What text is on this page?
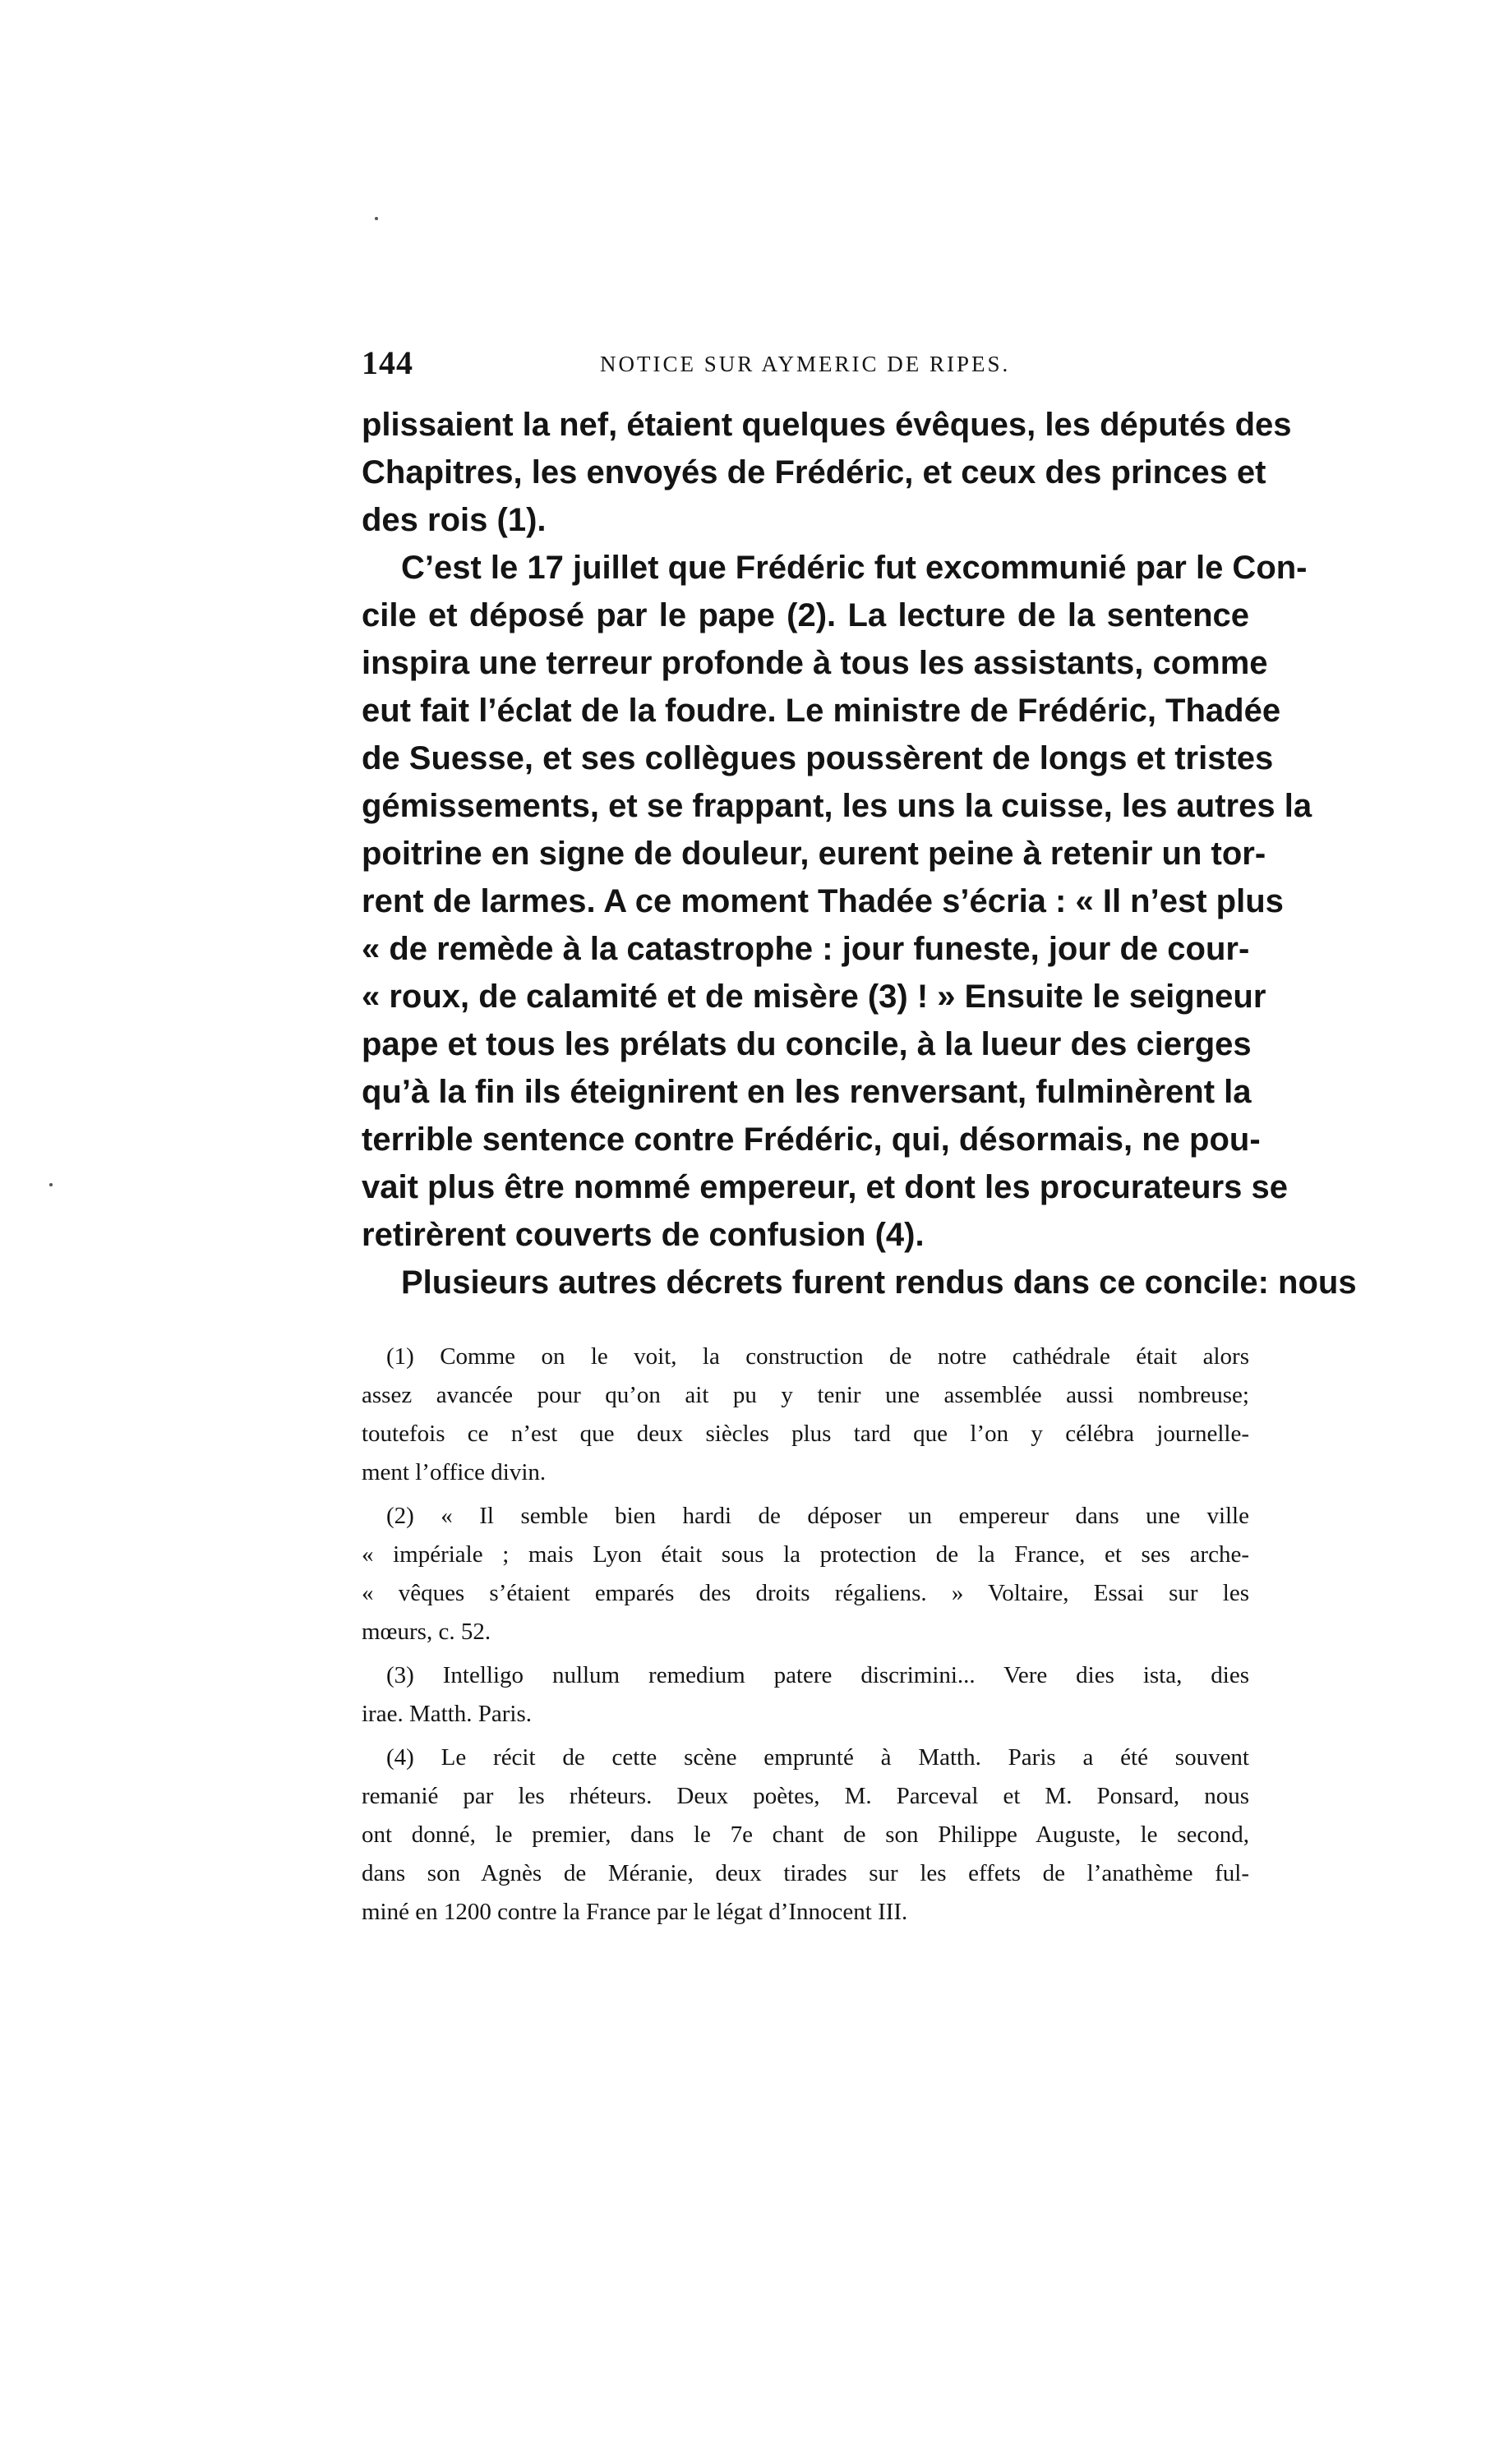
144	NOTICE SUR AYMERIC DE RIPES.
plissaient la nef, étaient quelques évêques, les députés des
Chapitres, les envoyés de Frédéric, et ceux des princes et
des rois (1).
C’est le 17 juillet que Frédéric fut excommunié par le Con-
cile et déposé par le pape (2). La lecture de la sentence
inspira une terreur profonde à tous les assistants, comme
eut fait l’éclat de la foudre. Le ministre de Frédéric, Thadée
de Suesse, et ses collègues poussèrent de longs et tristes
gémissements, et se frappant, les uns la cuisse, les autres la
poitrine en signe de douleur, eurent peine à retenir un tor-
rent de larmes. A ce moment Thadée s’écria : « Il n’est plus
« de remède à la catastrophe : jour funeste, jour de cour-
« roux, de calamité et de misère (3) ! » Ensuite le seigneur
pape et tous les prélats du concile, à la lueur des cierges
qu’à la fin ils éteignirent en les renversant, fulminèrent la
terrible sentence contre Frédéric, qui, désormais, ne pou-
vait plus être nommé empereur, et dont les procurateurs se
retirèrent couverts de confusion (4).
Plusieurs autres décrets furent rendus dans ce concile: nous
(1) Comme on le voit, la construction de notre cathédrale était alors
assez avancée pour qu’on ait pu y tenir une assemblée aussi nombreuse;
toutefois ce n’est que deux siècles plus tard que l’on y célébra journelle-
ment l’office divin.
(2) « Il semble bien hardi de déposer un empereur dans une ville
« impériale ; mais Lyon était sous la protection de la France, et ses arche-
« vêques s’étaient emparés des droits régaliens. » Voltaire, Essai sur les
mœurs, c. 52.
(3) Intelligo nullum remedium patere discrimini... Vere dies ista, dies
irae. Matth. Paris.
(4) Le récit de cette scène emprunté à Matth. Paris a été souvent
remanié par les rhéteurs. Deux poètes, M. Parceval et M. Ponsard, nous
ont donné, le premier, dans le 7e chant de son Philippe Auguste, le second,
dans son Agnès de Méranie, deux tirades sur les effets de l’anathème ful-
miné en 1200 contre la France par le légat d’Innocent III.
